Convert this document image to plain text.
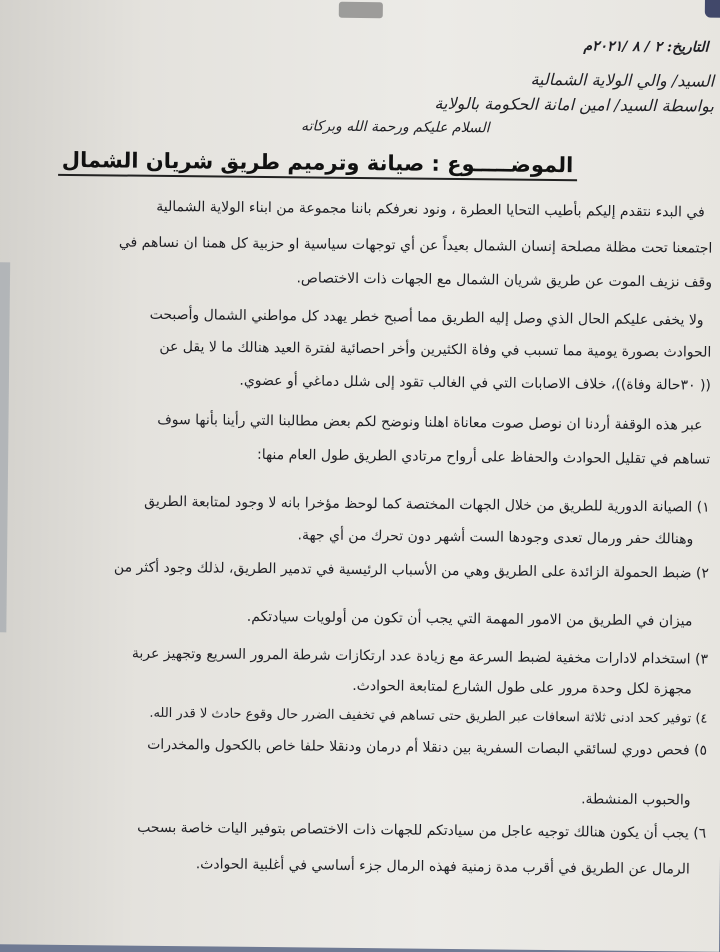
التاريخ: ٢ / ٨ /٢٠٢١م
السيد/ والي الولاية الشمالية
بواسطة السيد/ امين امانة الحكومة بالولاية
السلام عليكم ورحمة الله وبركاته
الموضـــــوع : صيانة وترميم طريق شريان الشمال
في البدء نتقدم إليكم بأطيب التحايا العطرة ، ونود نعرفكم باننا مجموعة من ابناء الولاية الشمالية
اجتمعنا تحت مظلة مصلحة إنسان الشمال بعيداً عن أي توجهات سياسية او حزبية كل همنا ان نساهم في
وقف نزيف الموت عن طريق شريان الشمال مع الجهات ذات الاختصاص.
ولا يخفى عليكم الحال الذي وصل إليه الطريق مما أصبح خطر يهدد كل مواطني الشمال وأصبحت
الحوادث بصورة يومية مما تسبب في وفاة الكثيرين وأخر احصائية لفترة العيد هنالك ما لا يقل عن
(( ٣٠حالة وفاة))، خلاف الاصابات التي في الغالب تقود إلى شلل دماغي أو عضوي.
عبر هذه الوقفة أردنا ان نوصل صوت معاناة اهلنا ونوضح لكم بعض مطالبنا التي رأينا بأنها سوف
تساهم في تقليل الحوادث والحفاظ على أرواح مرتادي الطريق طول العام منها:
١) الصيانة الدورية للطريق من خلال الجهات المختصة كما لوحظ مؤخرا بانه لا وجود لمتابعة الطريق
وهنالك حفر ورمال تعدى وجودها الست أشهر دون تحرك من أي جهة.
٢) ضبط الحمولة الزائدة على الطريق وهي من الأسباب الرئيسية في تدمير الطريق، لذلك وجود أكثر من
ميزان في الطريق من الامور المهمة التي يجب أن تكون من أولويات سيادتكم.
٣) استخدام لادارات مخفية لضبط السرعة مع زيادة عدد ارتكازات شرطة المرور السريع وتجهيز عربة
مجهزة لكل وحدة مرور على طول الشارع لمتابعة الحوادث.
٤) توفير كحد ادنى ثلاثة اسعافات عبر الطريق حتى تساهم في تخفيف الضرر حال وقوع حادث لا قدر الله.
٥) فحص دوري لسائقي البصات السفرية بين دنقلا أم درمان ودنقلا حلفا خاص بالكحول والمخدرات
والحبوب المنشطة.
٦) يجب أن يكون هنالك توجيه عاجل من سيادتكم للجهات ذات الاختصاص بتوفير اليات خاصة بسحب
الرمال عن الطريق في أقرب مدة زمنية فهذه الرمال جزء أساسي في أغلبية الحوادث.
